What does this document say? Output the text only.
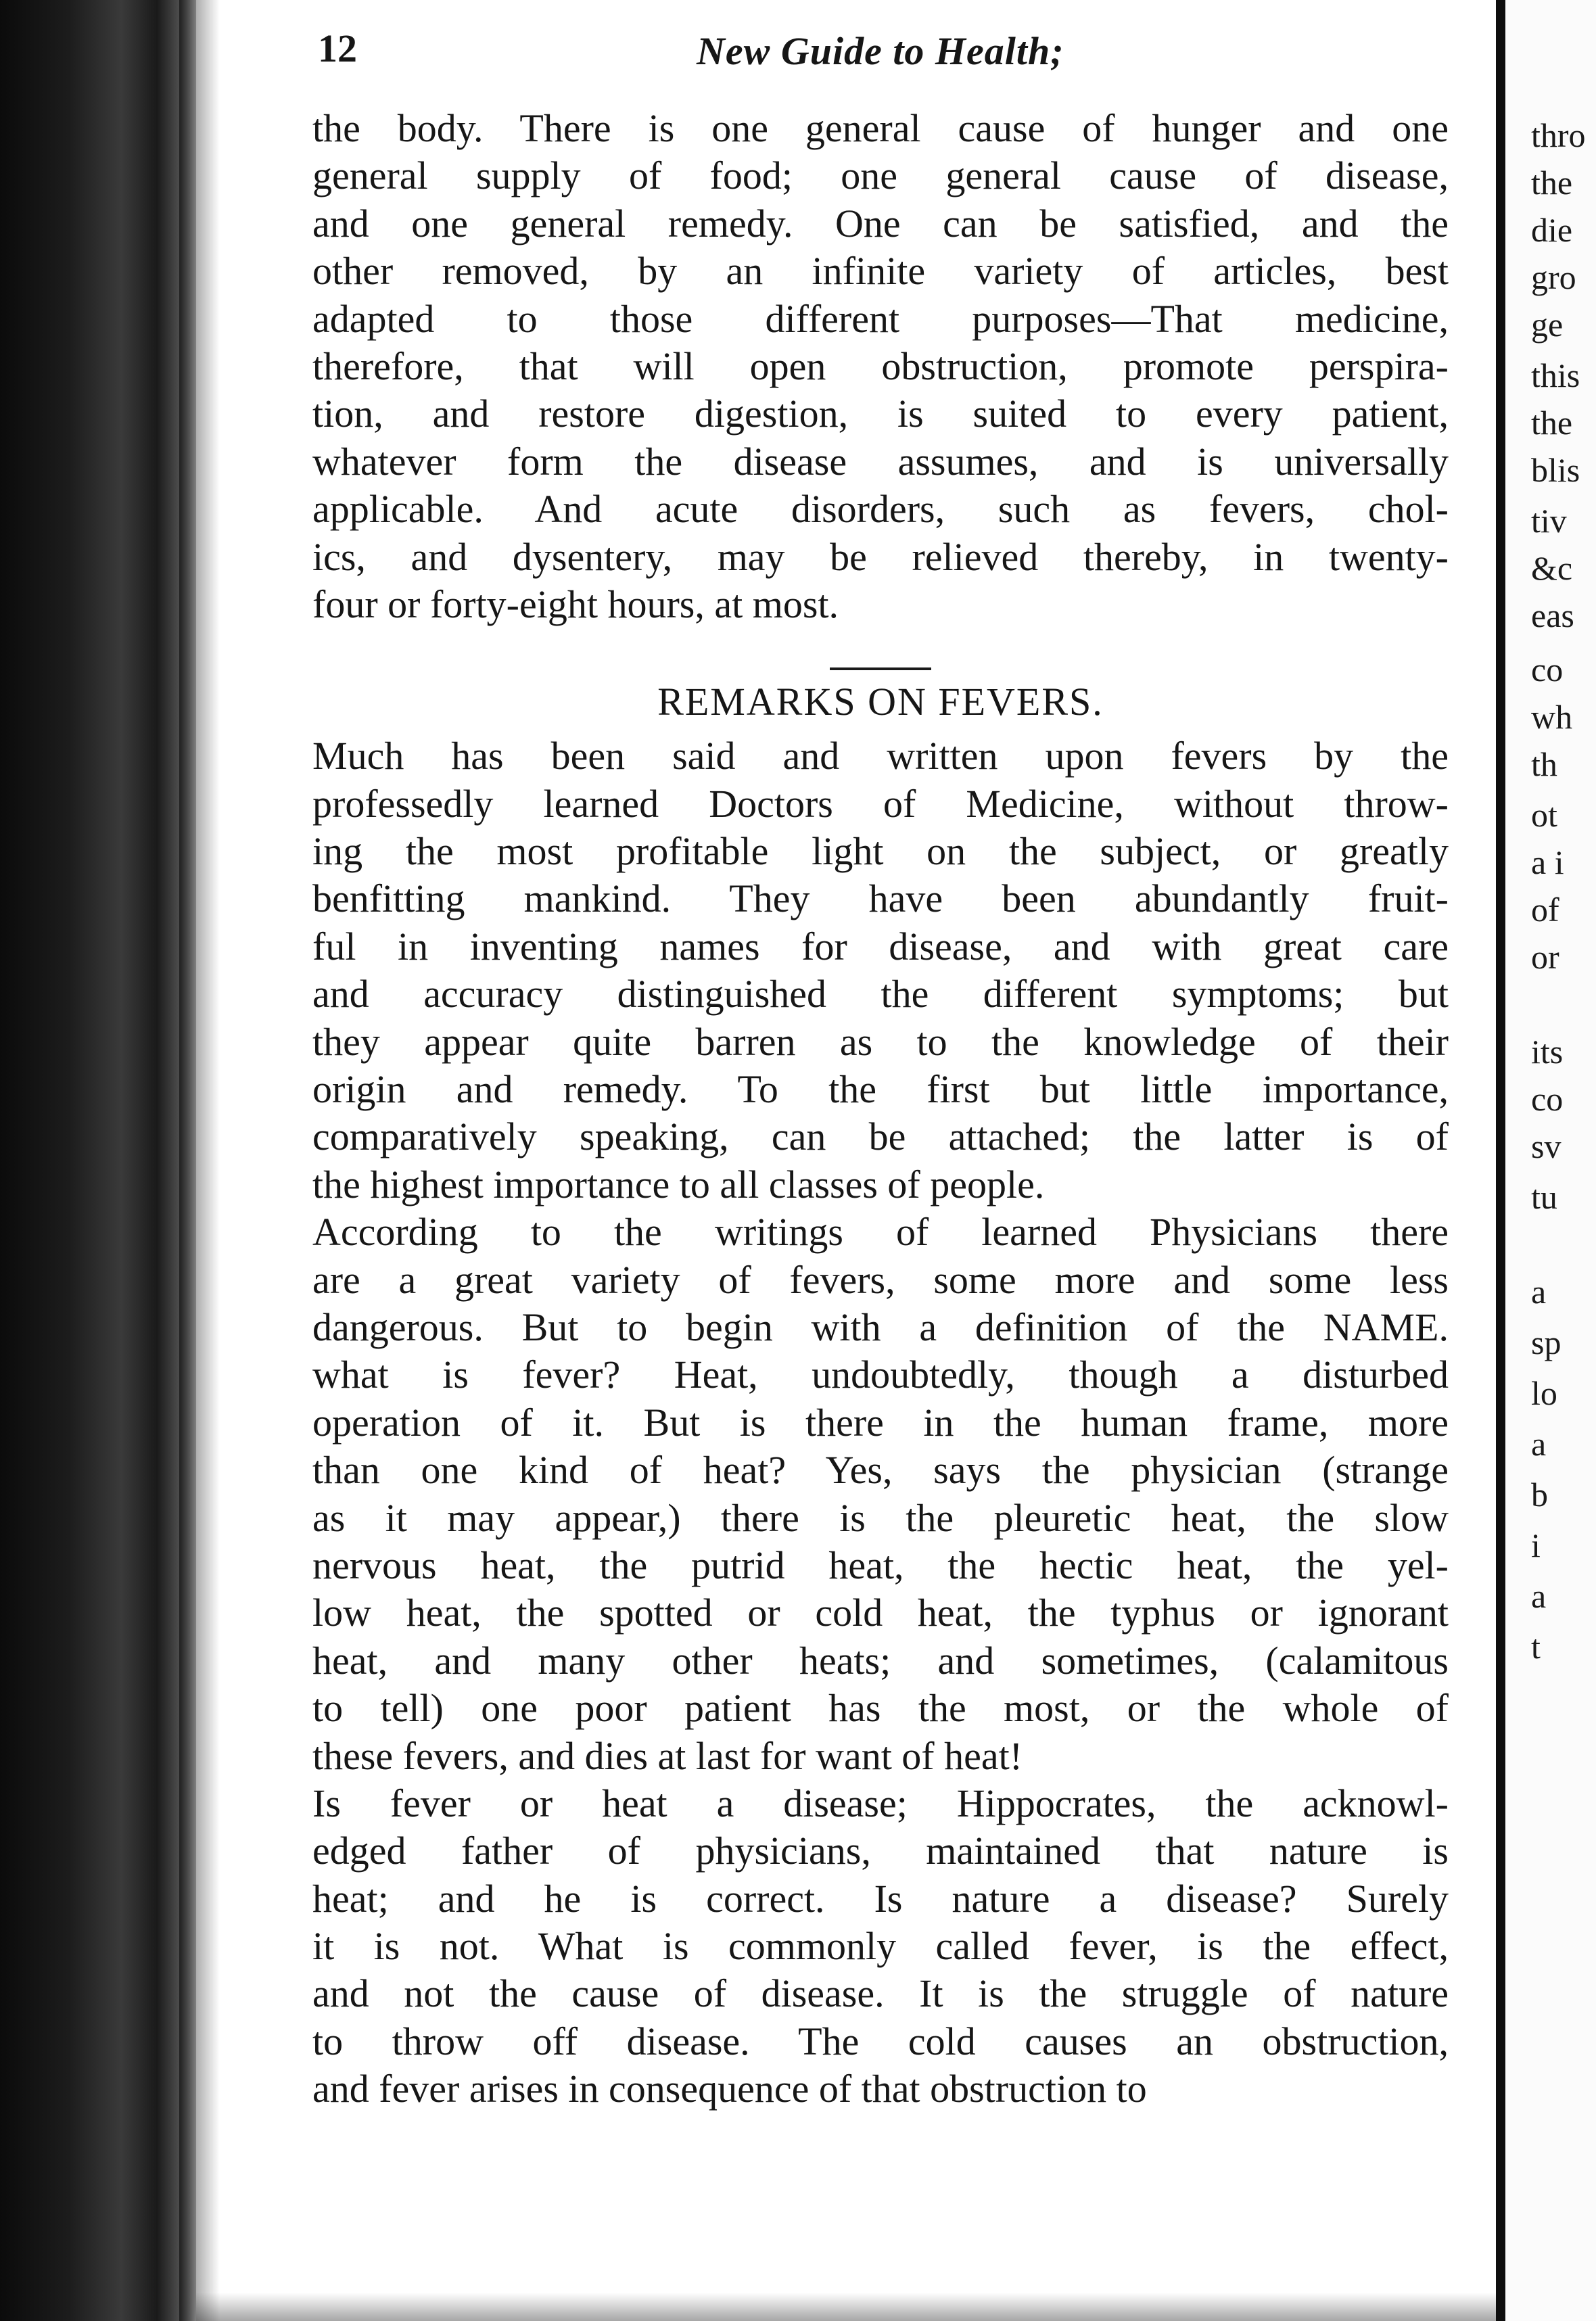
12	New Guide to Health;
the body. There is one general cause of hunger and one
general supply of food; one general cause of disease,
and one general remedy. One can be satisfied, and the
other removed, by an infinite variety of articles, best
adapted to those different purposes—That medicine,
therefore, that will open obstruction, promote perspira-
tion, and restore digestion, is suited to every patient,
whatever form the disease assumes, and is universally
applicable. And acute disorders, such as fevers, chol-
ics, and dysentery, may be relieved thereby, in twenty-
four or forty-eight hours, at most.
REMARKS ON FEVERS.
Much has been said and written upon fevers by the
professedly learned Doctors of Medicine, without throw-
ing the most profitable light on the subject, or greatly
benfitting mankind. They have been abundantly fruit-
ful in inventing names for disease, and with great care
and accuracy distinguished the different symptoms; but
they appear quite barren as to the knowledge of their
origin and remedy. To the first but little importance,
comparatively speaking, can be attached; the latter is of
the highest importance to all classes of people.
According to the writings of learned Physicians there
are a great variety of fevers, some more and some less
dangerous. But to begin with a definition of the NAME.
what is fever? Heat, undoubtedly, though a disturbed
operation of it. But is there in the human frame, more
than one kind of heat? Yes, says the physician (strange
as it may appear,) there is the pleuretic heat, the slow
nervous heat, the putrid heat, the hectic heat, the yel-
low heat, the spotted or cold heat, the typhus or ignorant
heat, and many other heats; and sometimes, (calamitous
to tell) one poor patient has the most, or the whole of
these fevers, and dies at last for want of heat!
Is fever or heat a disease; Hippocrates, the acknowl-
edged father of physicians, maintained that nature is
heat; and he is correct. Is nature a disease? Surely
it is not. What is commonly called fever, is the effect,
and not the cause of disease. It is the struggle of nature
to throw off disease. The cold causes an obstruction,
and fever arises in consequence of that obstruction to
thro
the
die
gro
ge
this
the
blis
tiv
&c
eas
co
wh
th
ot
a i
of
or
its
co
sv
tu
a
sp
lo
a
b
i
a
t
